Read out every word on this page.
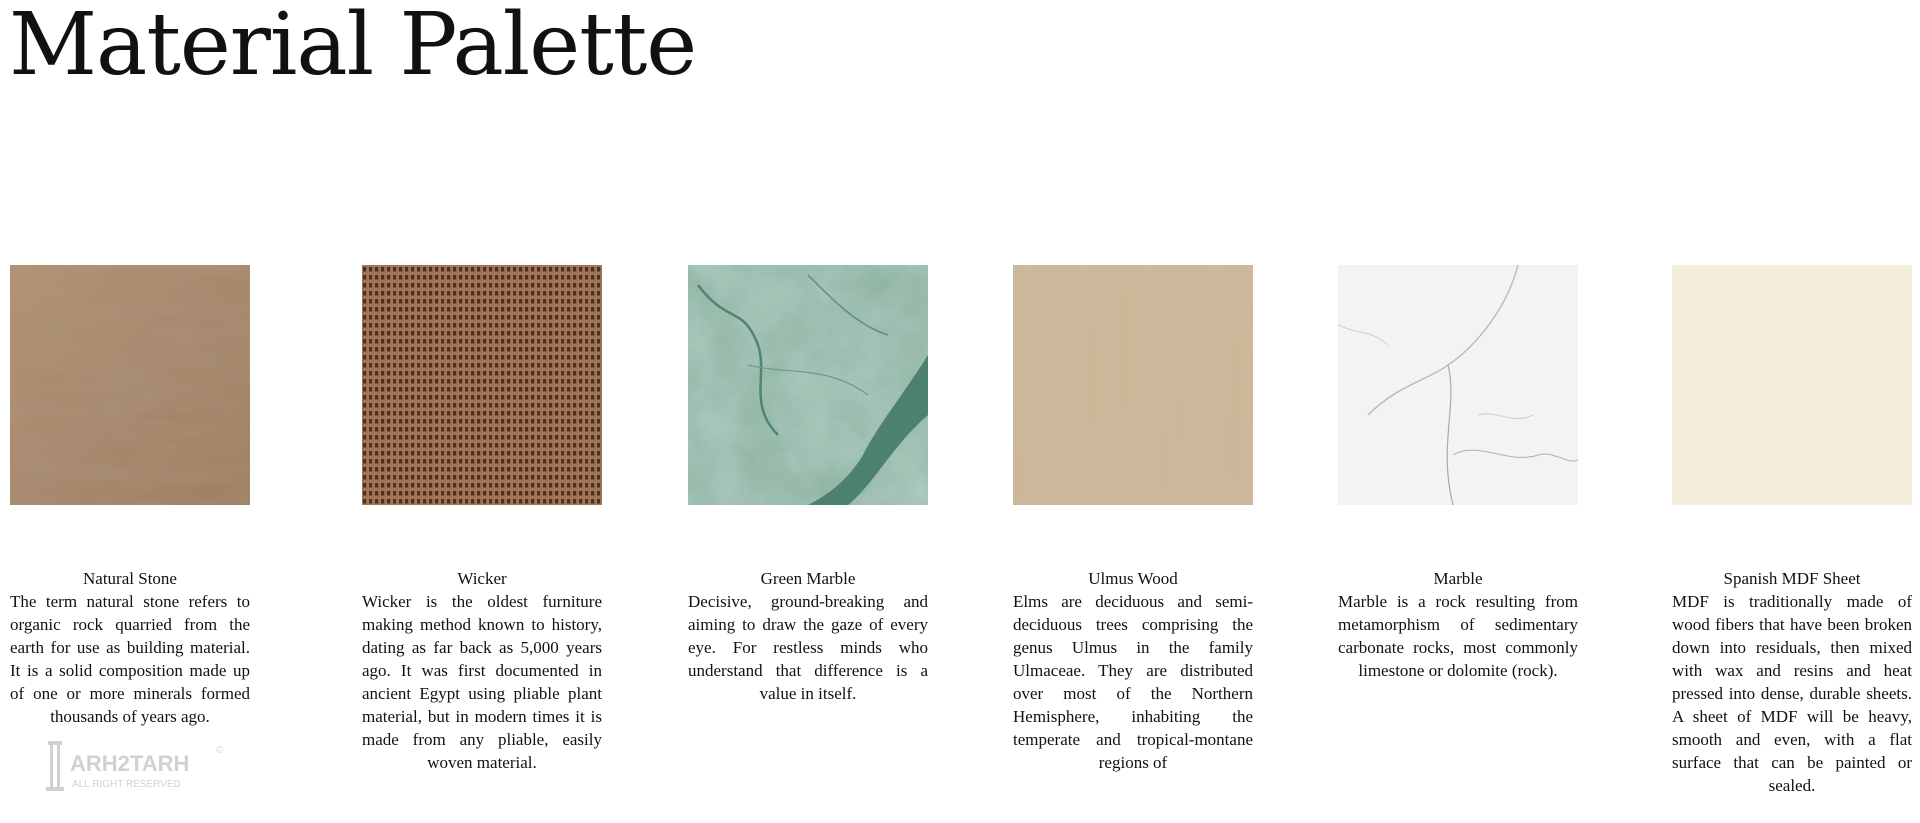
Material Palette
Natural Stone

The term natural stone refers to organic rock quarried from the earth for use as building material. It is a solid composition made up of one or more minerals formed thousands of years ago.

Wicker

Wicker is the oldest furniture making method known to history, dating as far back as 5,000 years ago. It was first documented in ancient Egypt using pliable plant material, but in modern times it is made from any pliable, easily woven material.

Green Marble

Decisive, ground-breaking and aiming to draw the gaze of every eye. For restless minds who understand that difference is a value in itself.

Ulmus Wood

Elms are deciduous and semi-deciduous trees comprising the genus Ulmus in the family Ulmaceae. They are distributed over most of the Northern Hemisphere, inhabiting the temperate and tropical-montane regions of

Marble

Marble is a rock resulting from metamorphism of sedimentary carbonate rocks, most commonly limestone or dolomite (rock).

Spanish MDF Sheet

MDF is traditionally made of wood fibers that have been broken down into residuals, then mixed with wax and resins and heat pressed into dense, durable sheets. A sheet of MDF will be heavy, smooth and even, with a flat surface that can be painted or sealed.

ARH2TARH
©
ALL RIGHT RESERVED
